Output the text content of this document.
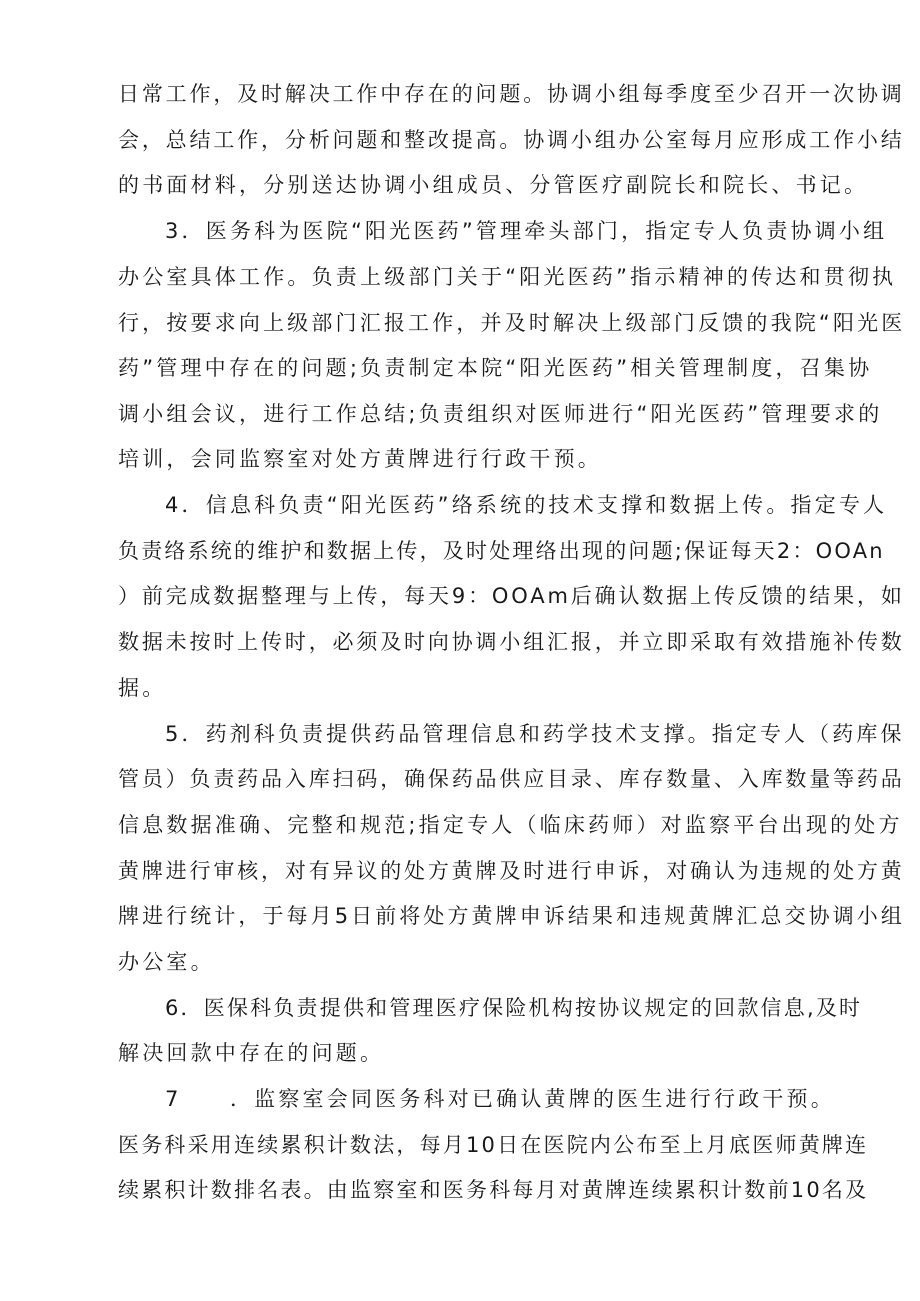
日常工作，及时解决工作中存在的问题。协调小组每季度至少召开一次协调
会，总结工作，分析问题和整改提高。协调小组办公室每月应形成工作小结
的书面材料，分别送达协调小组成员、分管医疗副院长和院长、书记。
3．医务科为医院“阳光医药”管理牵头部门，指定专人负责协调小组
办公室具体工作。负责上级部门关于“阳光医药”指示精神的传达和贯彻执
行，按要求向上级部门汇报工作，并及时解决上级部门反馈的我院“阳光医
药”管理中存在的问题;负责制定本院“阳光医药”相关管理制度，召集协
调小组会议，进行工作总结;负责组织对医师进行“阳光医药”管理要求的
培训，会同监察室对处方黄牌进行行政干预。
4．信息科负责“阳光医药”络系统的技术支撑和数据上传。指定专人
负责络系统的维护和数据上传，及时处理络出现的问题;保证每天2：OOAn
）前完成数据整理与上传，每天9：OOAm后确认数据上传反馈的结果，如
数据未按时上传时，必须及时向协调小组汇报，并立即采取有效措施补传数
据。
5．药剂科负责提供药品管理信息和药学技术支撑。指定专人（药库保
管员）负责药品入库扫码，确保药品供应目录、库存数量、入库数量等药品
信息数据准确、完整和规范;指定专人（临床药师）对监察平台出现的处方
黄牌进行审核，对有异议的处方黄牌及时进行申诉，对确认为违规的处方黄
牌进行统计，于每月5日前将处方黄牌申诉结果和违规黄牌汇总交协调小组
办公室。
6．医保科负责提供和管理医疗保险机构按协议规定的回款信息,及时
解决回款中存在的问题。
7　　．监察室会同医务科对已确认黄牌的医生进行行政干预。
医务科采用连续累积计数法，每月10日在医院内公布至上月底医师黄牌连
续累积计数排名表。由监察室和医务科每月对黄牌连续累积计数前10名及
